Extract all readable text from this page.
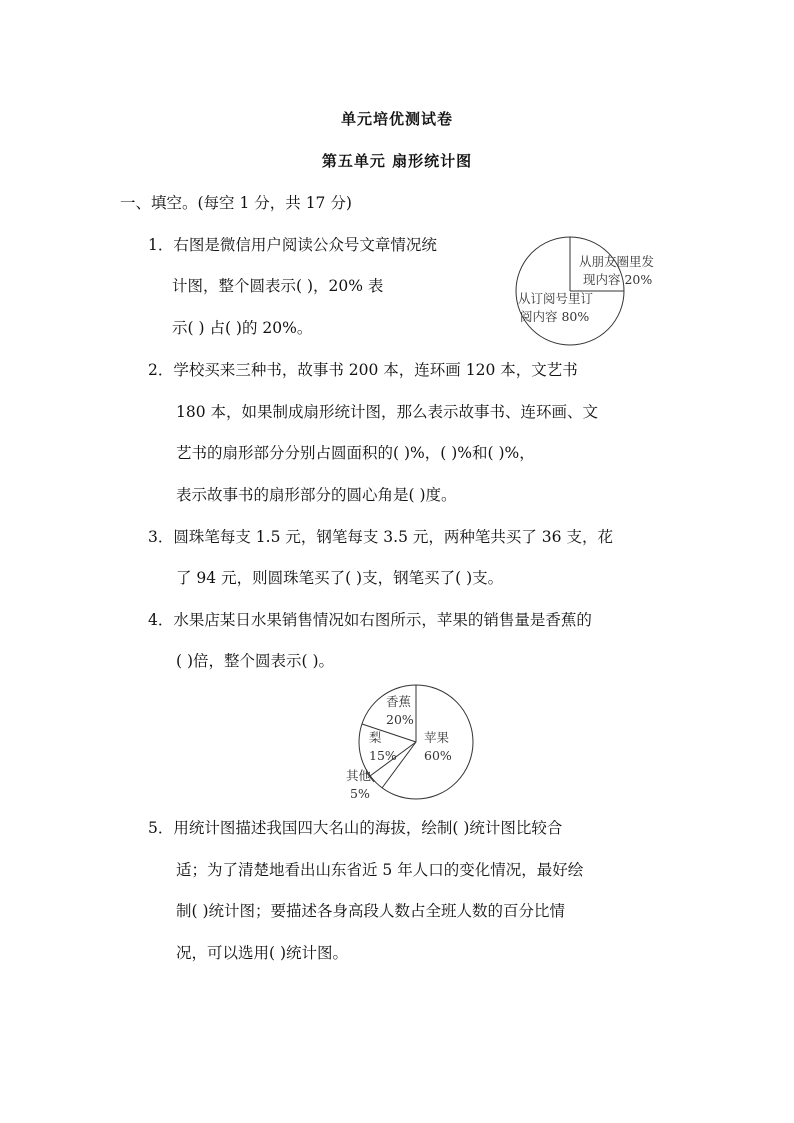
单元培优测试卷
第五单元 扇形统计图
一、填空。(每空 1 分，共 17 分)
1．右图是微信用户阅读公众号文章情况统
计图，整个圆表示( )，20% 表
示( ) 占( )的 20%。
从朋友圈里发
现内容 20%
从订阅号里订
阅内容 80%
2．学校买来三种书，故事书 200 本，连环画 120 本，文艺书
180 本，如果制成扇形统计图，那么表示故事书、连环画、文
艺书的扇形部分分别占圆面积的( )%，( )%和( )%，
表示故事书的扇形部分的圆心角是( )度。
3．圆珠笔每支 1.5 元，钢笔每支 3.5 元，两种笔共买了 36 支，花
了 94 元，则圆珠笔买了( )支，钢笔买了( )支。
4．水果店某日水果销售情况如右图所示，苹果的销售量是香蕉的
( )倍，整个圆表示( )。
香蕉
20%
梨
15%
苹果
60%
其他
5%
5．用统计图描述我国四大名山的海拔，绘制( )统计图比较合
适；为了清楚地看出山东省近 5 年人口的变化情况，最好绘
制( )统计图；要描述各身高段人数占全班人数的百分比情
况，可以选用( )统计图。
